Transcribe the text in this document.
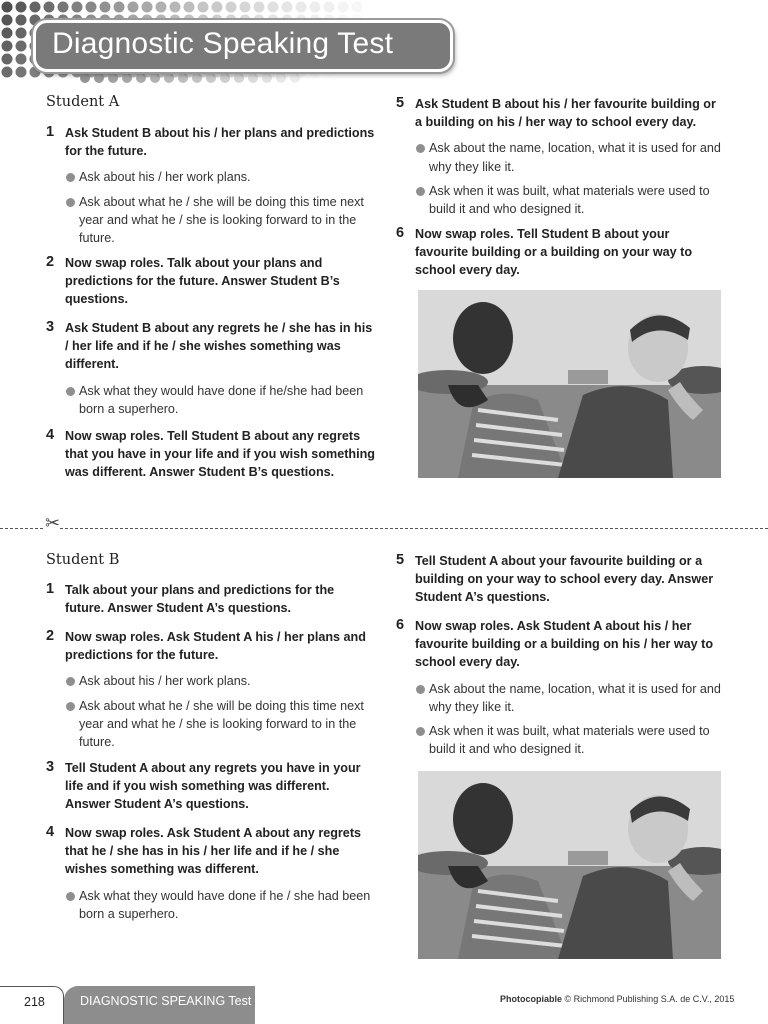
Diagnostic Speaking Test
Student A
1 Ask Student B about his / her plans and predictions for the future.
Ask about his / her work plans.
Ask about what he / she will be doing this time next year and what he / she is looking forward to in the future.
2 Now swap roles. Talk about your plans and predictions for the future. Answer Student B’s questions.
3 Ask Student B about any regrets he / she has in his / her life and if he / she wishes something was different.
Ask what they would have done if he/she had been born a superhero.
4 Now swap roles. Tell Student B about any regrets that you have in your life and if you wish something was different. Answer Student B’s questions.
5 Ask Student B about his / her favourite building or a building on his / her way to school every day.
Ask about the name, location, what it is used for and why they like it.
Ask when it was built, what materials were used to build it and who designed it.
6 Now swap roles. Tell Student B about your favourite building or a building on your way to school every day.
✂
Student B
1 Talk about your plans and predictions for the future. Answer Student A’s questions.
2 Now swap roles. Ask Student A his / her plans and predictions for the future.
Ask about his / her work plans.
Ask about what he / she will be doing this time next year and what he / she is looking forward to in the future.
3 Tell Student A about any regrets you have in your life and if you wish something was different. Answer Student A’s questions.
4 Now swap roles. Ask Student A about any regrets that he / she has in his / her life and if he / she wishes something was different.
Ask what they would have done if he / she had been born a superhero.
5 Tell Student A about your favourite building or a building on your way to school every day. Answer Student A’s questions.
6 Now swap roles. Ask Student A about his / her favourite building or a building on his / her way to school every day.
Ask about the name, location, what it is used for and why they like it.
Ask when it was built, what materials were used to build it and who designed it.
218	DIAGNOSTIC SPEAKING Test	Photocopiable © Richmond Publishing S.A. de C.V., 2015
